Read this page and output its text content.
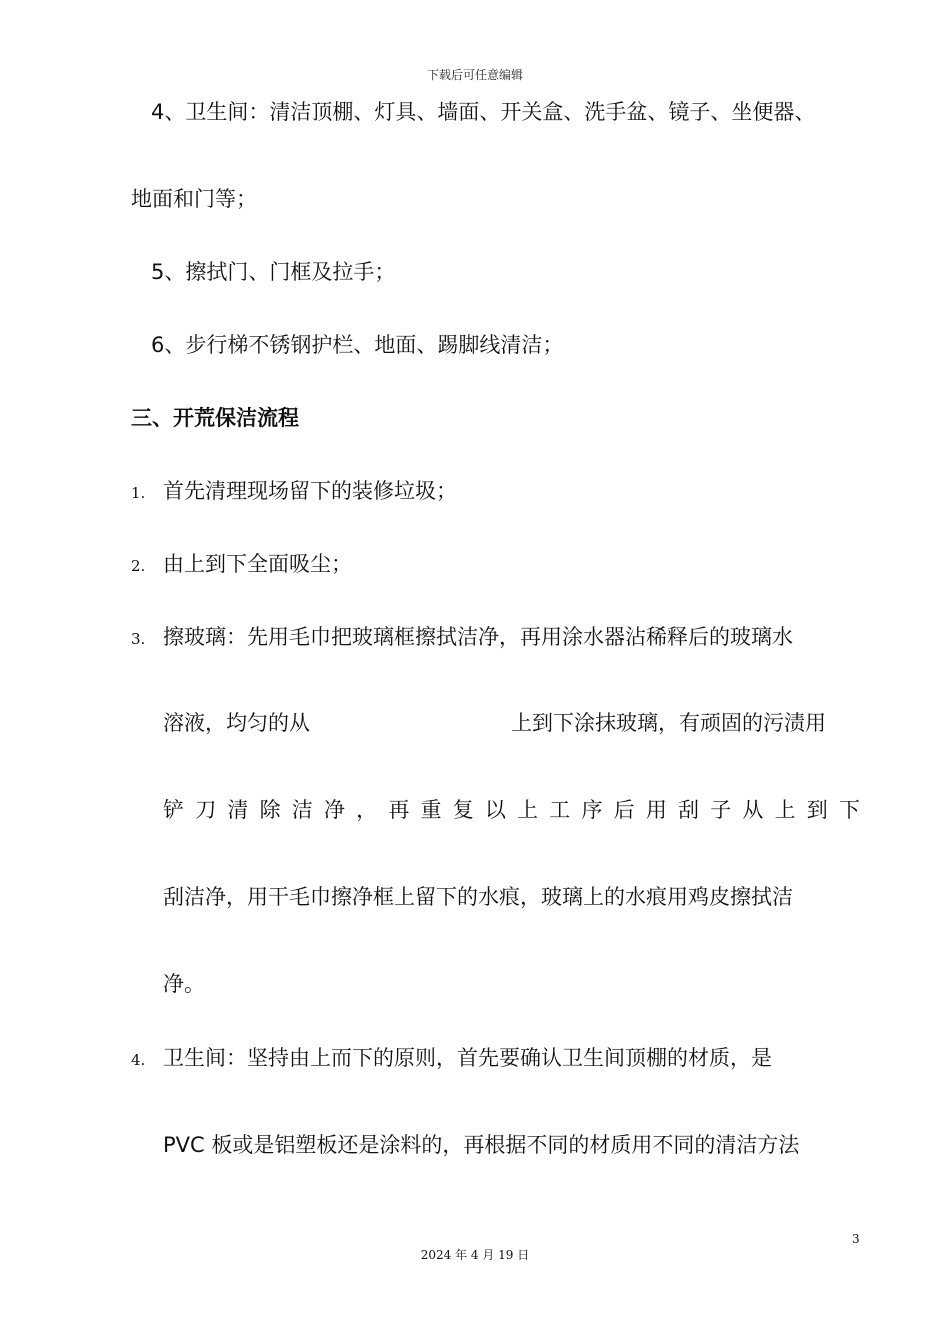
下载后可任意编辑
4、卫生间：清洁顶棚、灯具、墙面、开关盒、洗手盆、镜子、坐便器、
地面和门等；
5、擦拭门、门框及拉手；
6、步行梯不锈钢护栏、地面、踢脚线清洁；
三、开荒保洁流程
1. 首先清理现场留下的装修垃圾；
2. 由上到下全面吸尘；
3. 擦玻璃：先用毛巾把玻璃框擦拭洁净，再用涂水器沾稀释后的玻璃水
溶液，均匀的从	上到下涂抹玻璃，有顽固的污渍用
铲 刀 清 除 洁 净 ， 再 重 复 以 上 工 序 后 用 刮 子 从 上 到 下
刮洁净，用干毛巾擦净框上留下的水痕，玻璃上的水痕用鸡皮擦拭洁
净。
4. 卫生间：坚持由上而下的原则，首先要确认卫生间顶棚的材质，是
PVC 板或是铝塑板还是涂料的，再根据不同的材质用不同的清洁方法
3
2024 年 4 月 19 日
